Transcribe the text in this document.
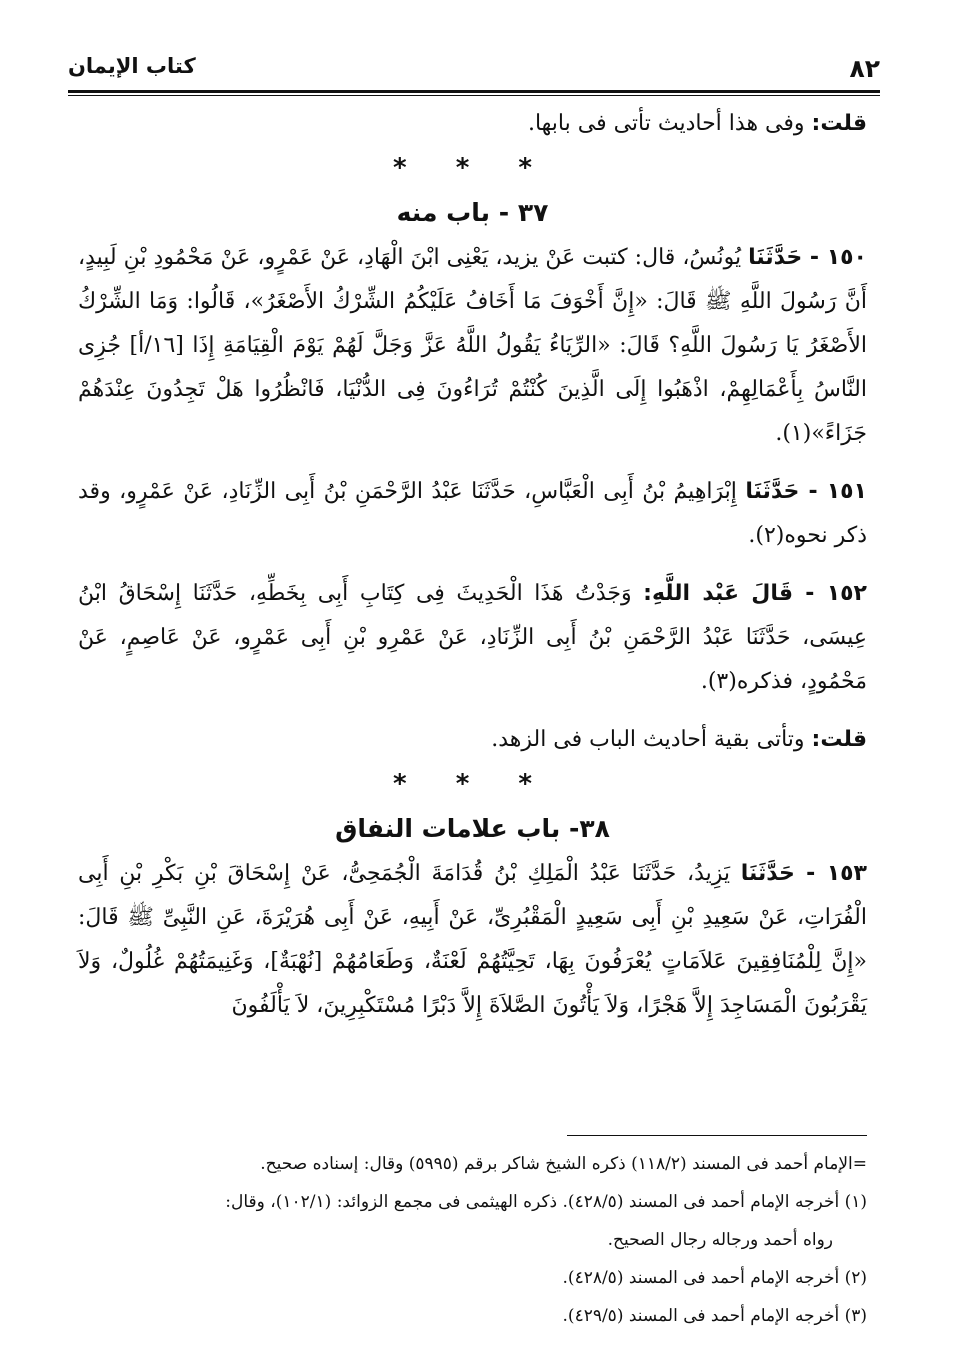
٨٢
كتاب الإيمان

قلت: وفى هذا أحاديث تأتى فى بابها.

* * *
٣٧ - باب منه

١٥٠ - حَدَّثَنَا يُونُسُ، قال: كتبت عَنْ يزيد، يَعْنِى ابْنَ الْهَادِ، عَنْ عَمْرٍو، عَنْ مَحْمُودِ بْنِ لَبِيدٍ، أَنَّ رَسُولَ اللَّهِ ﷺ قَالَ: «إِنَّ أَخْوَفَ مَا أَخَافُ عَلَيْكُمُ الشِّرْكُ الأَصْغَرُ»، قَالُوا: وَمَا الشِّرْكُ الأَصْغَرُ يَا رَسُولَ اللَّهِ؟ قَالَ: «الرِّيَاءُ يَقُولُ اللَّهُ عَزَّ وَجَلَّ لَهُمْ يَوْمَ الْقِيَامَةِ إِذَا [١٦/أ] جُزِى النَّاسُ بِأَعْمَالِهِمْ، اذْهَبُوا إِلَى الَّذِينَ كُنْتُمْ تُرَاءُونَ فِى الدُّنْيَا، فَانْظُرُوا هَلْ تَجِدُونَ عِنْدَهُمْ جَزَاءً»(١).

١٥١ - حَدَّثَنَا إِبْرَاهِيمُ بْنُ أَبِى الْعَبَّاسِ، حَدَّثَنَا عَبْدُ الرَّحْمَنِ بْنُ أَبِى الزِّنَادِ، عَنْ عَمْرٍو، وقد ذكر نحوه(٢).

١٥٢ - قَالَ عَبْد اللَّهِ: وَجَدْتُ هَذَا الْحَدِيثَ فِى كِتَابِ أَبِى بِخَطِّهِ، حَدَّثَنَا إِسْحَاقُ ابْنُ عِيسَى، حَدَّثَنَا عَبْدُ الرَّحْمَنِ بْنُ أَبِى الزِّنَادِ، عَنْ عَمْرِو بْنِ أَبِى عَمْرٍو، عَنْ عَاصِمٍ، عَنْ مَحْمُودٍ، فذكره(٣).

قلت: وتأتى بقية أحاديث الباب فى الزهد.

* * *
٣٨- باب علامات النفاق

١٥٣ - حَدَّثَنَا يَزِيدُ، حَدَّثَنَا عَبْدُ الْمَلِكِ بْنُ قُدَامَةَ الْجُمَحِىُّ، عَنْ إِسْحَاقَ بْنِ بَكْرِ بْنِ أَبِى الْفُرَاتِ، عَنْ سَعِيدِ بْنِ أَبِى سَعِيدٍ الْمَقْبُرِىِّ، عَنْ أَبِيهِ، عَنْ أَبِى هُرَيْرَةَ، عَنِ النَّبِىِّ ﷺ قَالَ: «إِنَّ لِلْمُنَافِقِينَ عَلاَمَاتٍ يُعْرَفُونَ بِهَا، تَحِيَّتُهُمْ لَعْنَةٌ، وَطَعَامُهُمْ [نُهْبَةٌ]، وَغَنِيمَتُهُمْ غُلُولٌ، وَلاَ يَقْرَبُونَ الْمَسَاجِدَ إِلاَّ هَجْرًا، وَلاَ يَأْتُونَ الصَّلاَةَ إِلاَّ دَبْرًا مُسْتَكْبِرِينَ، لاَ يَأْلَفُونَ

=الإمام أحمد فى المسند (١١٨/٢) ذكره الشيخ شاكر برقم (٥٩٩٥) وقال: إسناده صحيح.

(١) أخرجه الإمام أحمد فى المسند (٤٢٨/٥). ذكره الهيثمى فى مجمع الزوائد: (١٠٢/١)، وقال:

رواه أحمد ورجاله رجال الصحيح.

(٢) أخرجه الإمام أحمد فى المسند (٤٢٨/٥).

(٣) أخرجه الإمام أحمد فى المسند (٤٢٩/٥).
